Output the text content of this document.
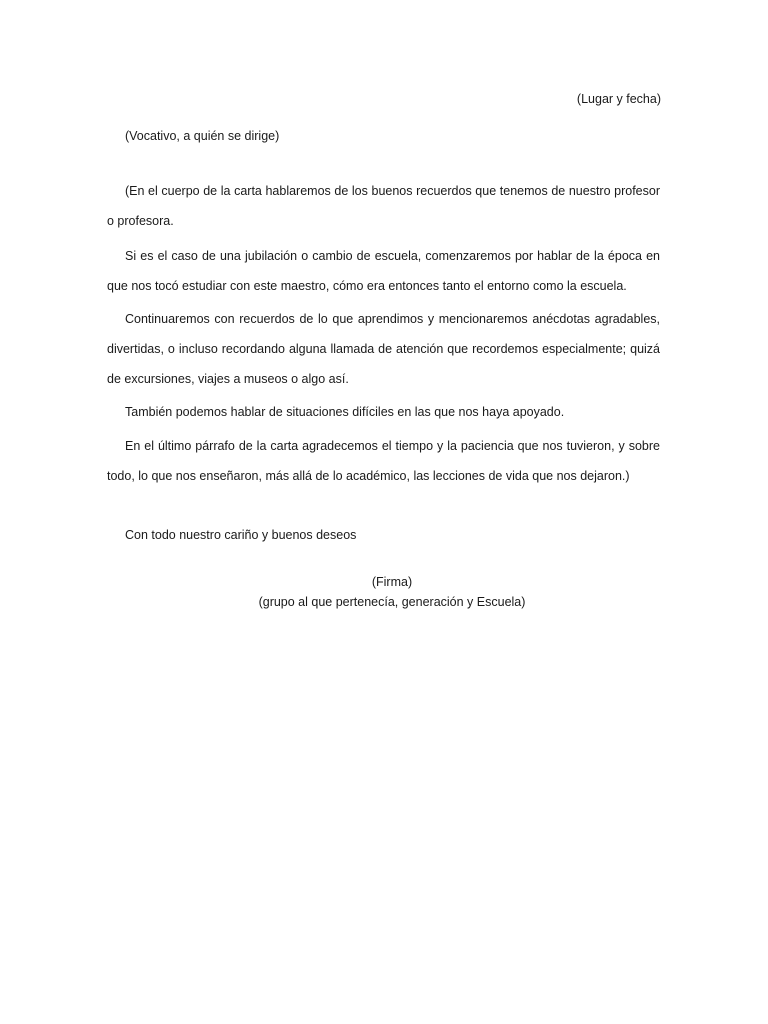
(Lugar y fecha)
(Vocativo, a quién se dirige)

(En el cuerpo de la carta hablaremos de los buenos recuerdos que tenemos de nuestro profesor o profesora.

Si es el caso de una jubilación o cambio de escuela, comenzaremos por hablar de la época en que nos tocó estudiar con este maestro, cómo era entonces tanto el entorno como la escuela.

Continuaremos con recuerdos de lo que aprendimos y mencionaremos anécdotas agradables, divertidas, o incluso recordando alguna llamada de atención que recordemos especialmente; quizá de excursiones, viajes a museos o algo así.

También podemos hablar de situaciones difíciles en las que nos haya apoyado.

En el último párrafo de la carta agradecemos el tiempo y la paciencia que nos tuvieron, y sobre todo, lo que nos enseñaron, más allá de lo académico, las lecciones de vida que nos dejaron.)

Con todo nuestro cariño y buenos deseos
(Firma)
(grupo al que pertenecía, generación y Escuela)
